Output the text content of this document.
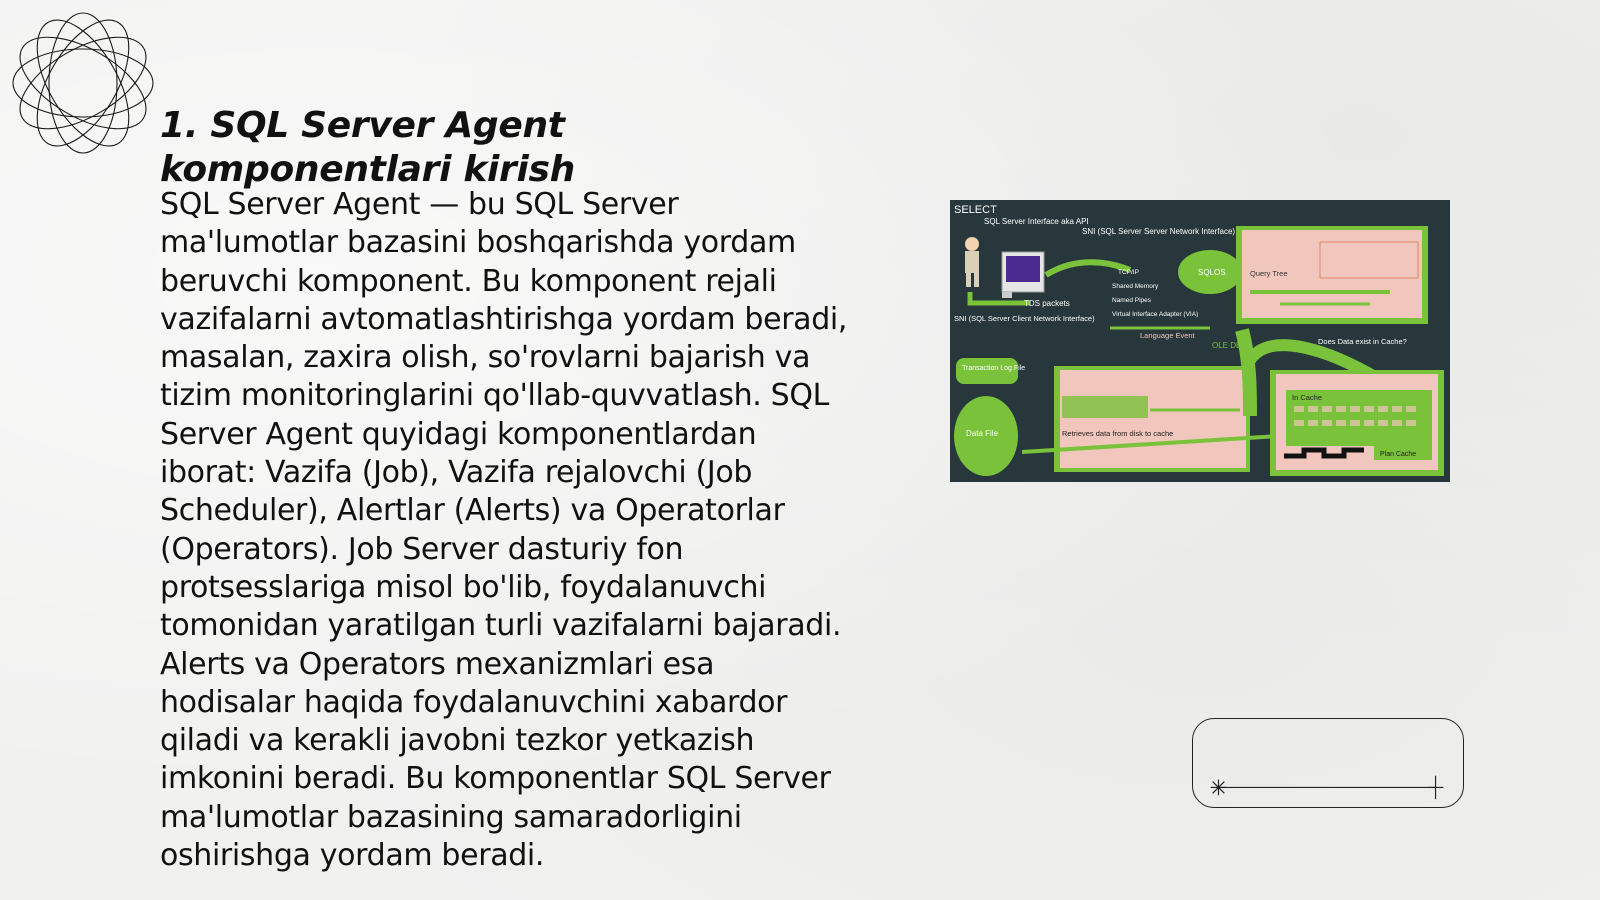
1. SQL Server Agent komponentlari kirish

SQL Server Agent — bu SQL Server ma'lumotlar bazasini boshqarishda yordam beruvchi komponent. Bu komponent rejali vazifalarni avtomatlashtirishga yordam beradi, masalan, zaxira olish, so'rovlarni bajarish va tizim monitoringlarini qo'llab-quvvatlash. SQL Server Agent quyidagi komponentlardan iborat: Vazifa (Job), Vazifa rejalovchi (Job Scheduler), Alertlar (Alerts) va Operatorlar (Operators). Job Server dasturiy fon protsesslariga misol bo'lib, foydalanuvchi tomonidan yaratilgan turli vazifalarni bajaradi. Alerts va Operators mexanizmlari esa hodisalar haqida foydalanuvchini xabardor qiladi va kerakli javobni tezkor yetkazish imkonini beradi. Bu komponentlar SQL Server ma'lumotlar bazasining samaradorligini oshirishga yordam beradi.

SELECT
SQL Server Interface aka API
TDS packets
SNI (SQL Server Client Network Interface)
SNI (SQL Server Server Network Interface)
TCP/IP
Shared Memory
Named Pipes
Virtual Interface Adapter (VIA)
SQLOS
Language Event
Query Tree
Does Data exist in Cache?
OLE DB
Transaction Log File
Data File	Retrieves data from disk to cache
In Cache
Plan Cache
